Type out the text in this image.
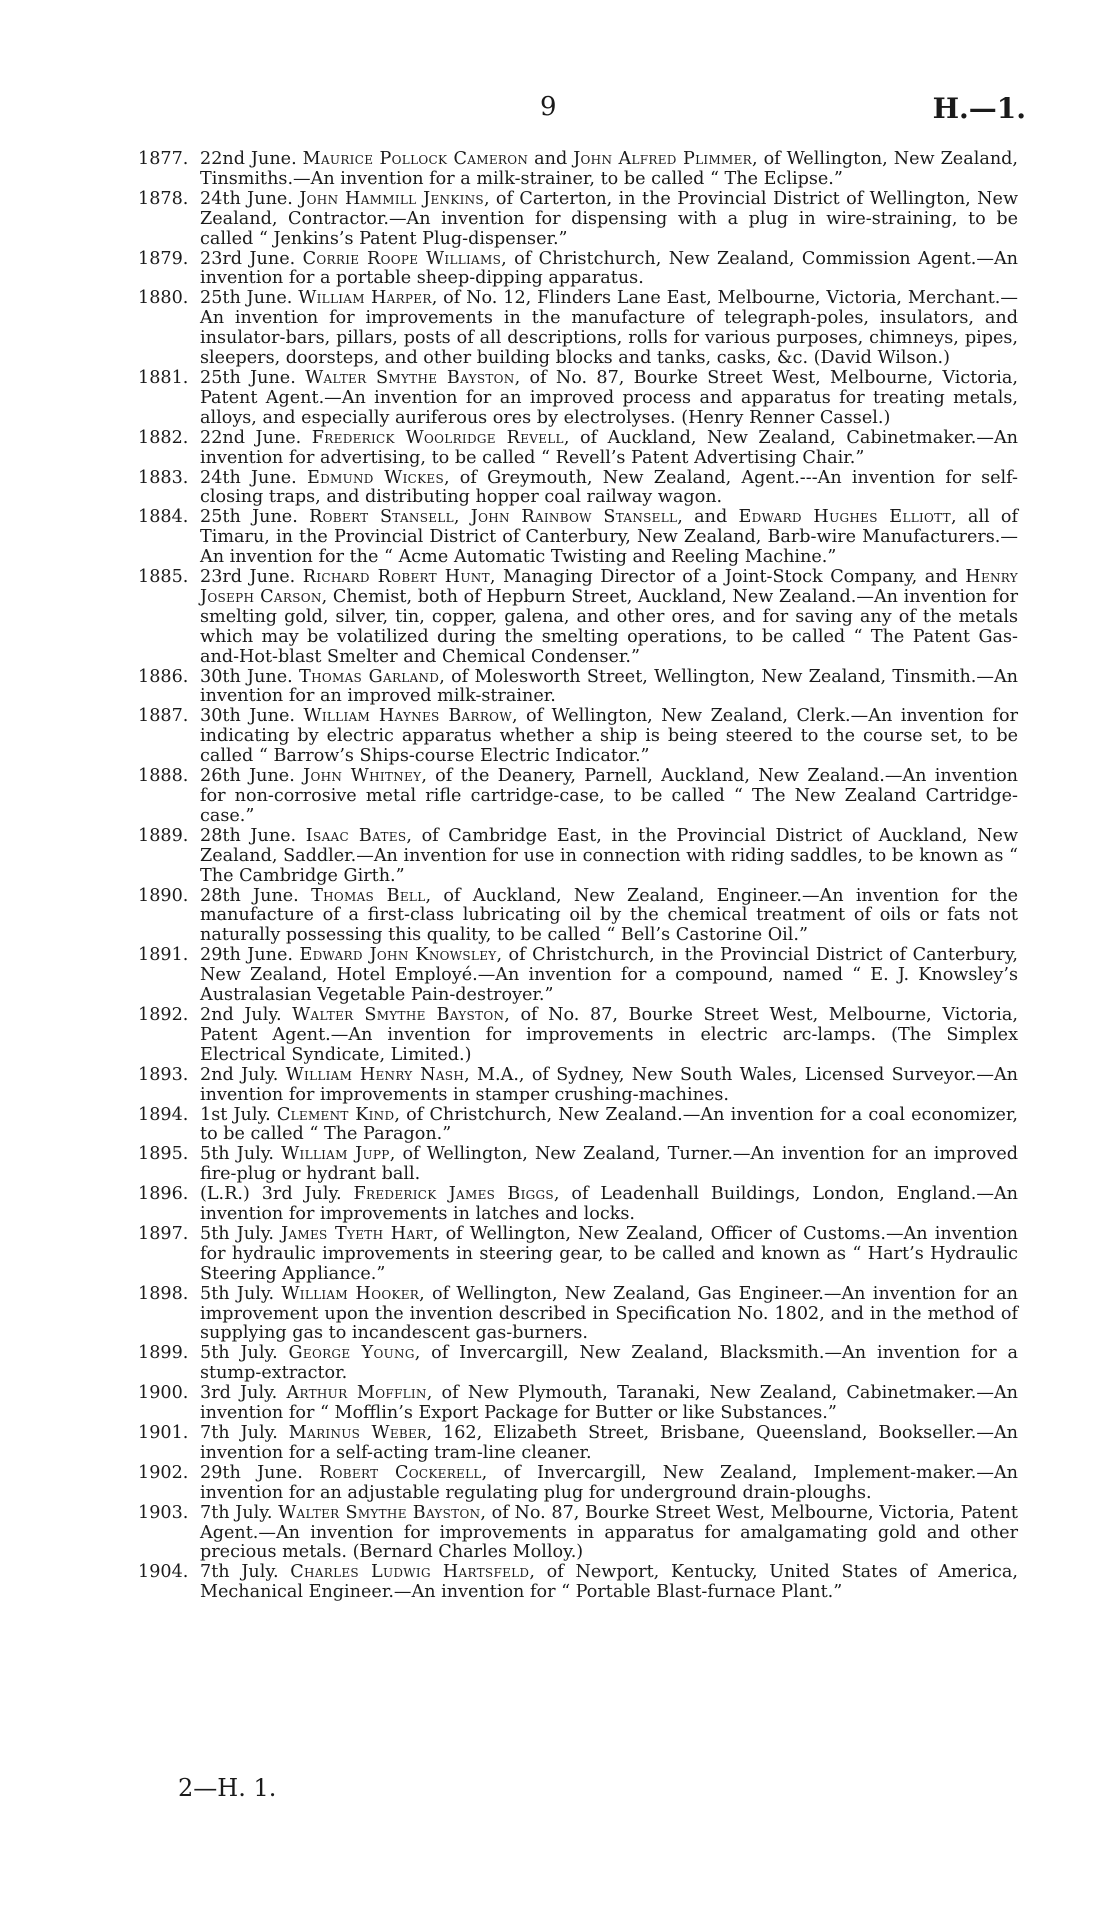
9	H.—1.
1877. 22nd June. Maurice Pollock Cameron and John Alfred Plimmer, of Wellington, New Zealand, Tinsmiths.—An invention for a milk-strainer, to be called “ The Eclipse.”
1878. 24th June. John Hammill Jenkins, of Carterton, in the Provincial District of Wellington, New Zealand, Contractor.—An invention for dispensing with a plug in wire-straining, to be called “ Jenkins’s Patent Plug-dispenser.”
1879. 23rd June. Corrie Roope Williams, of Christchurch, New Zealand, Commission Agent.—An invention for a portable sheep-dipping apparatus.
1880. 25th June. William Harper, of No. 12, Flinders Lane East, Melbourne, Victoria, Merchant.—An invention for improvements in the manufacture of telegraph-poles, insulators, and insulator-bars, pillars, posts of all descriptions, rolls for various purposes, chimneys, pipes, sleepers, doorsteps, and other building blocks and tanks, casks, &c. (David Wilson.)
1881. 25th June. Walter Smythe Bayston, of No. 87, Bourke Street West, Melbourne, Victoria, Patent Agent.—An invention for an improved process and apparatus for treating metals, alloys, and especially auriferous ores by electrolyses. (Henry Renner Cassel.)
1882. 22nd June. Frederick Woolridge Revell, of Auckland, New Zealand, Cabinetmaker.—An invention for advertising, to be called “ Revell’s Patent Advertising Chair.”
1883. 24th June. Edmund Wickes, of Greymouth, New Zealand, Agent.---An invention for self-closing traps, and distributing hopper coal railway wagon.
1884. 25th June. Robert Stansell, John Rainbow Stansell, and Edward Hughes Elliott, all of Timaru, in the Provincial District of Canterbury, New Zealand, Barb-wire Manufacturers.—An invention for the “ Acme Automatic Twisting and Reeling Machine.”
1885. 23rd June. Richard Robert Hunt, Managing Director of a Joint-Stock Company, and Henry Joseph Carson, Chemist, both of Hepburn Street, Auckland, New Zealand.—An invention for smelting gold, silver, tin, copper, galena, and other ores, and for saving any of the metals which may be volatilized during the smelting operations, to be called “ The Patent Gas-and-Hot-blast Smelter and Chemical Condenser.”
1886. 30th June. Thomas Garland, of Molesworth Street, Wellington, New Zealand, Tinsmith.—An invention for an improved milk-strainer.
1887. 30th June. William Haynes Barrow, of Wellington, New Zealand, Clerk.—An invention for indicating by electric apparatus whether a ship is being steered to the course set, to be called “ Barrow’s Ships-course Electric Indicator.”
1888. 26th June. John Whitney, of the Deanery, Parnell, Auckland, New Zealand.—An invention for non-corrosive metal rifle cartridge-case, to be called “ The New Zealand Cartridge-case.”
1889. 28th June. Isaac Bates, of Cambridge East, in the Provincial District of Auckland, New Zealand, Saddler.—An invention for use in connection with riding saddles, to be known as “ The Cambridge Girth.”
1890. 28th June. Thomas Bell, of Auckland, New Zealand, Engineer.—An invention for the manufacture of a first-class lubricating oil by the chemical treatment of oils or fats not naturally possessing this quality, to be called “ Bell’s Castorine Oil.”
1891. 29th June. Edward John Knowsley, of Christchurch, in the Provincial District of Canterbury, New Zealand, Hotel Employé.—An invention for a compound, named “ E. J. Knowsley’s Australasian Vegetable Pain-destroyer.”
1892. 2nd July. Walter Smythe Bayston, of No. 87, Bourke Street West, Melbourne, Victoria, Patent Agent.—An invention for improvements in electric arc-lamps. (The Simplex Electrical Syndicate, Limited.)
1893. 2nd July. William Henry Nash, M.A., of Sydney, New South Wales, Licensed Surveyor.—An invention for improvements in stamper crushing-machines.
1894. 1st July. Clement Kind, of Christchurch, New Zealand.—An invention for a coal economizer, to be called “ The Paragon.”
1895. 5th July. William Jupp, of Wellington, New Zealand, Turner.—An invention for an improved fire-plug or hydrant ball.
1896. (L.R.) 3rd July. Frederick James Biggs, of Leadenhall Buildings, London, England.—An invention for improvements in latches and locks.
1897. 5th July. James Tyeth Hart, of Wellington, New Zealand, Officer of Customs.—An invention for hydraulic improvements in steering gear, to be called and known as “ Hart’s Hydraulic Steering Appliance.”
1898. 5th July. William Hooker, of Wellington, New Zealand, Gas Engineer.—An invention for an improvement upon the invention described in Specification No. 1802, and in the method of supplying gas to incandescent gas-burners.
1899. 5th July. George Young, of Invercargill, New Zealand, Blacksmith.—An invention for a stump-extractor.
1900. 3rd July. Arthur Mofflin, of New Plymouth, Taranaki, New Zealand, Cabinetmaker.—An invention for “ Mofflin’s Export Package for Butter or like Substances.”
1901. 7th July. Marinus Weber, 162, Elizabeth Street, Brisbane, Queensland, Bookseller.—An invention for a self-acting tram-line cleaner.
1902. 29th June. Robert Cockerell, of Invercargill, New Zealand, Implement-maker.—An invention for an adjustable regulating plug for underground drain-ploughs.
1903. 7th July. Walter Smythe Bayston, of No. 87, Bourke Street West, Melbourne, Victoria, Patent Agent.—An invention for improvements in apparatus for amalgamating gold and other precious metals. (Bernard Charles Molloy.)
1904. 7th July. Charles Ludwig Hartsfeld, of Newport, Kentucky, United States of America, Mechanical Engineer.—An invention for “ Portable Blast-furnace Plant.”
2—H. 1.
